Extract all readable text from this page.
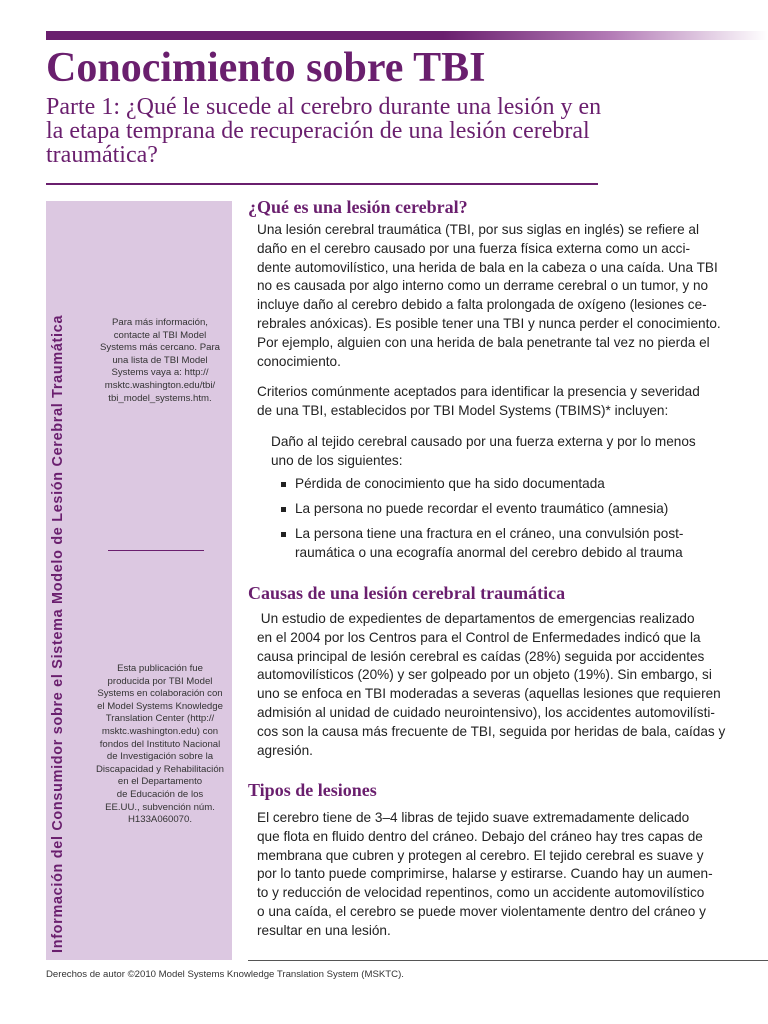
Conocimiento sobre TBI
Parte 1: ¿Qué le sucede al cerebro durante una lesión y en
la etapa temprana de recuperación de una lesión cerebral
traumática?
Información del Consumidor sobre el Sistema Modelo de Lesión Cerebral Traumática	Para más información,
contacte al TBI Model
Systems más cercano. Para
una lista de TBI Model
Systems vaya a: http://
msktc.washington.edu/tbi/
tbi_model_systems.htm.
Esta publicación fue
producida por TBI Model
Systems en colaboración con
el Model Systems Knowledge
Translation Center (http://
msktc.washington.edu) con
fondos del Instituto Nacional
de Investigación sobre la
Discapacidad y Rehabilitación
en el Departamento
de Educación de los
EE.UU., subvención núm.
H133A060070.
¿Qué es una lesión cerebral?
Una lesión cerebral traumática (TBI, por sus siglas en inglés) se refiere al
daño en el cerebro causado por una fuerza física externa como un acci-
dente automovilístico, una herida de bala en la cabeza o una caída. Una TBI
no es causada por algo interno como un derrame cerebral o un tumor, y no
incluye daño al cerebro debido a falta prolongada de oxígeno (lesiones ce-
rebrales anóxicas). Es posible tener una TBI y nunca perder el conocimiento.
Por ejemplo, alguien con una herida de bala penetrante tal vez no pierda el
conocimiento.
Criterios comúnmente aceptados para identificar la presencia y severidad
de una TBI, establecidos por TBI Model Systems (TBIMS)* incluyen:
Daño al tejido cerebral causado por una fuerza externa y por lo menos
uno de los siguientes:
Pérdida de conocimiento que ha sido documentada
La persona no puede recordar el evento traumático (amnesia)
La persona tiene una fractura en el cráneo, una convulsión post-
raumática o una ecografía anormal del cerebro debido al trauma
Causas de una lesión cerebral traumática
Un estudio de expedientes de departamentos de emergencias realizado
en el 2004 por los Centros para el Control de Enfermedades indicó que la
causa principal de lesión cerebral es caídas (28%) seguida por accidentes
automovilísticos (20%) y ser golpeado por un objeto (19%). Sin embargo, si
uno se enfoca en TBI moderadas a severas (aquellas lesiones que requieren
admisión al unidad de cuidado neurointensivo), los accidentes automovilísti-
cos son la causa más frecuente de TBI, seguida por heridas de bala, caídas y
agresión.
Tipos de lesiones
El cerebro tiene de 3–4 libras de tejido suave extremadamente delicado
que flota en fluido dentro del cráneo. Debajo del cráneo hay tres capas de
membrana que cubren y protegen al cerebro. El tejido cerebral es suave y
por lo tanto puede comprimirse, halarse y estirarse. Cuando hay un aumen-
to y reducción de velocidad repentinos, como un accidente automovilístico
o una caída, el cerebro se puede mover violentamente dentro del cráneo y
resultar en una lesión.
Derechos de autor ©2010 Model Systems Knowledge Translation System (MSKTC).
